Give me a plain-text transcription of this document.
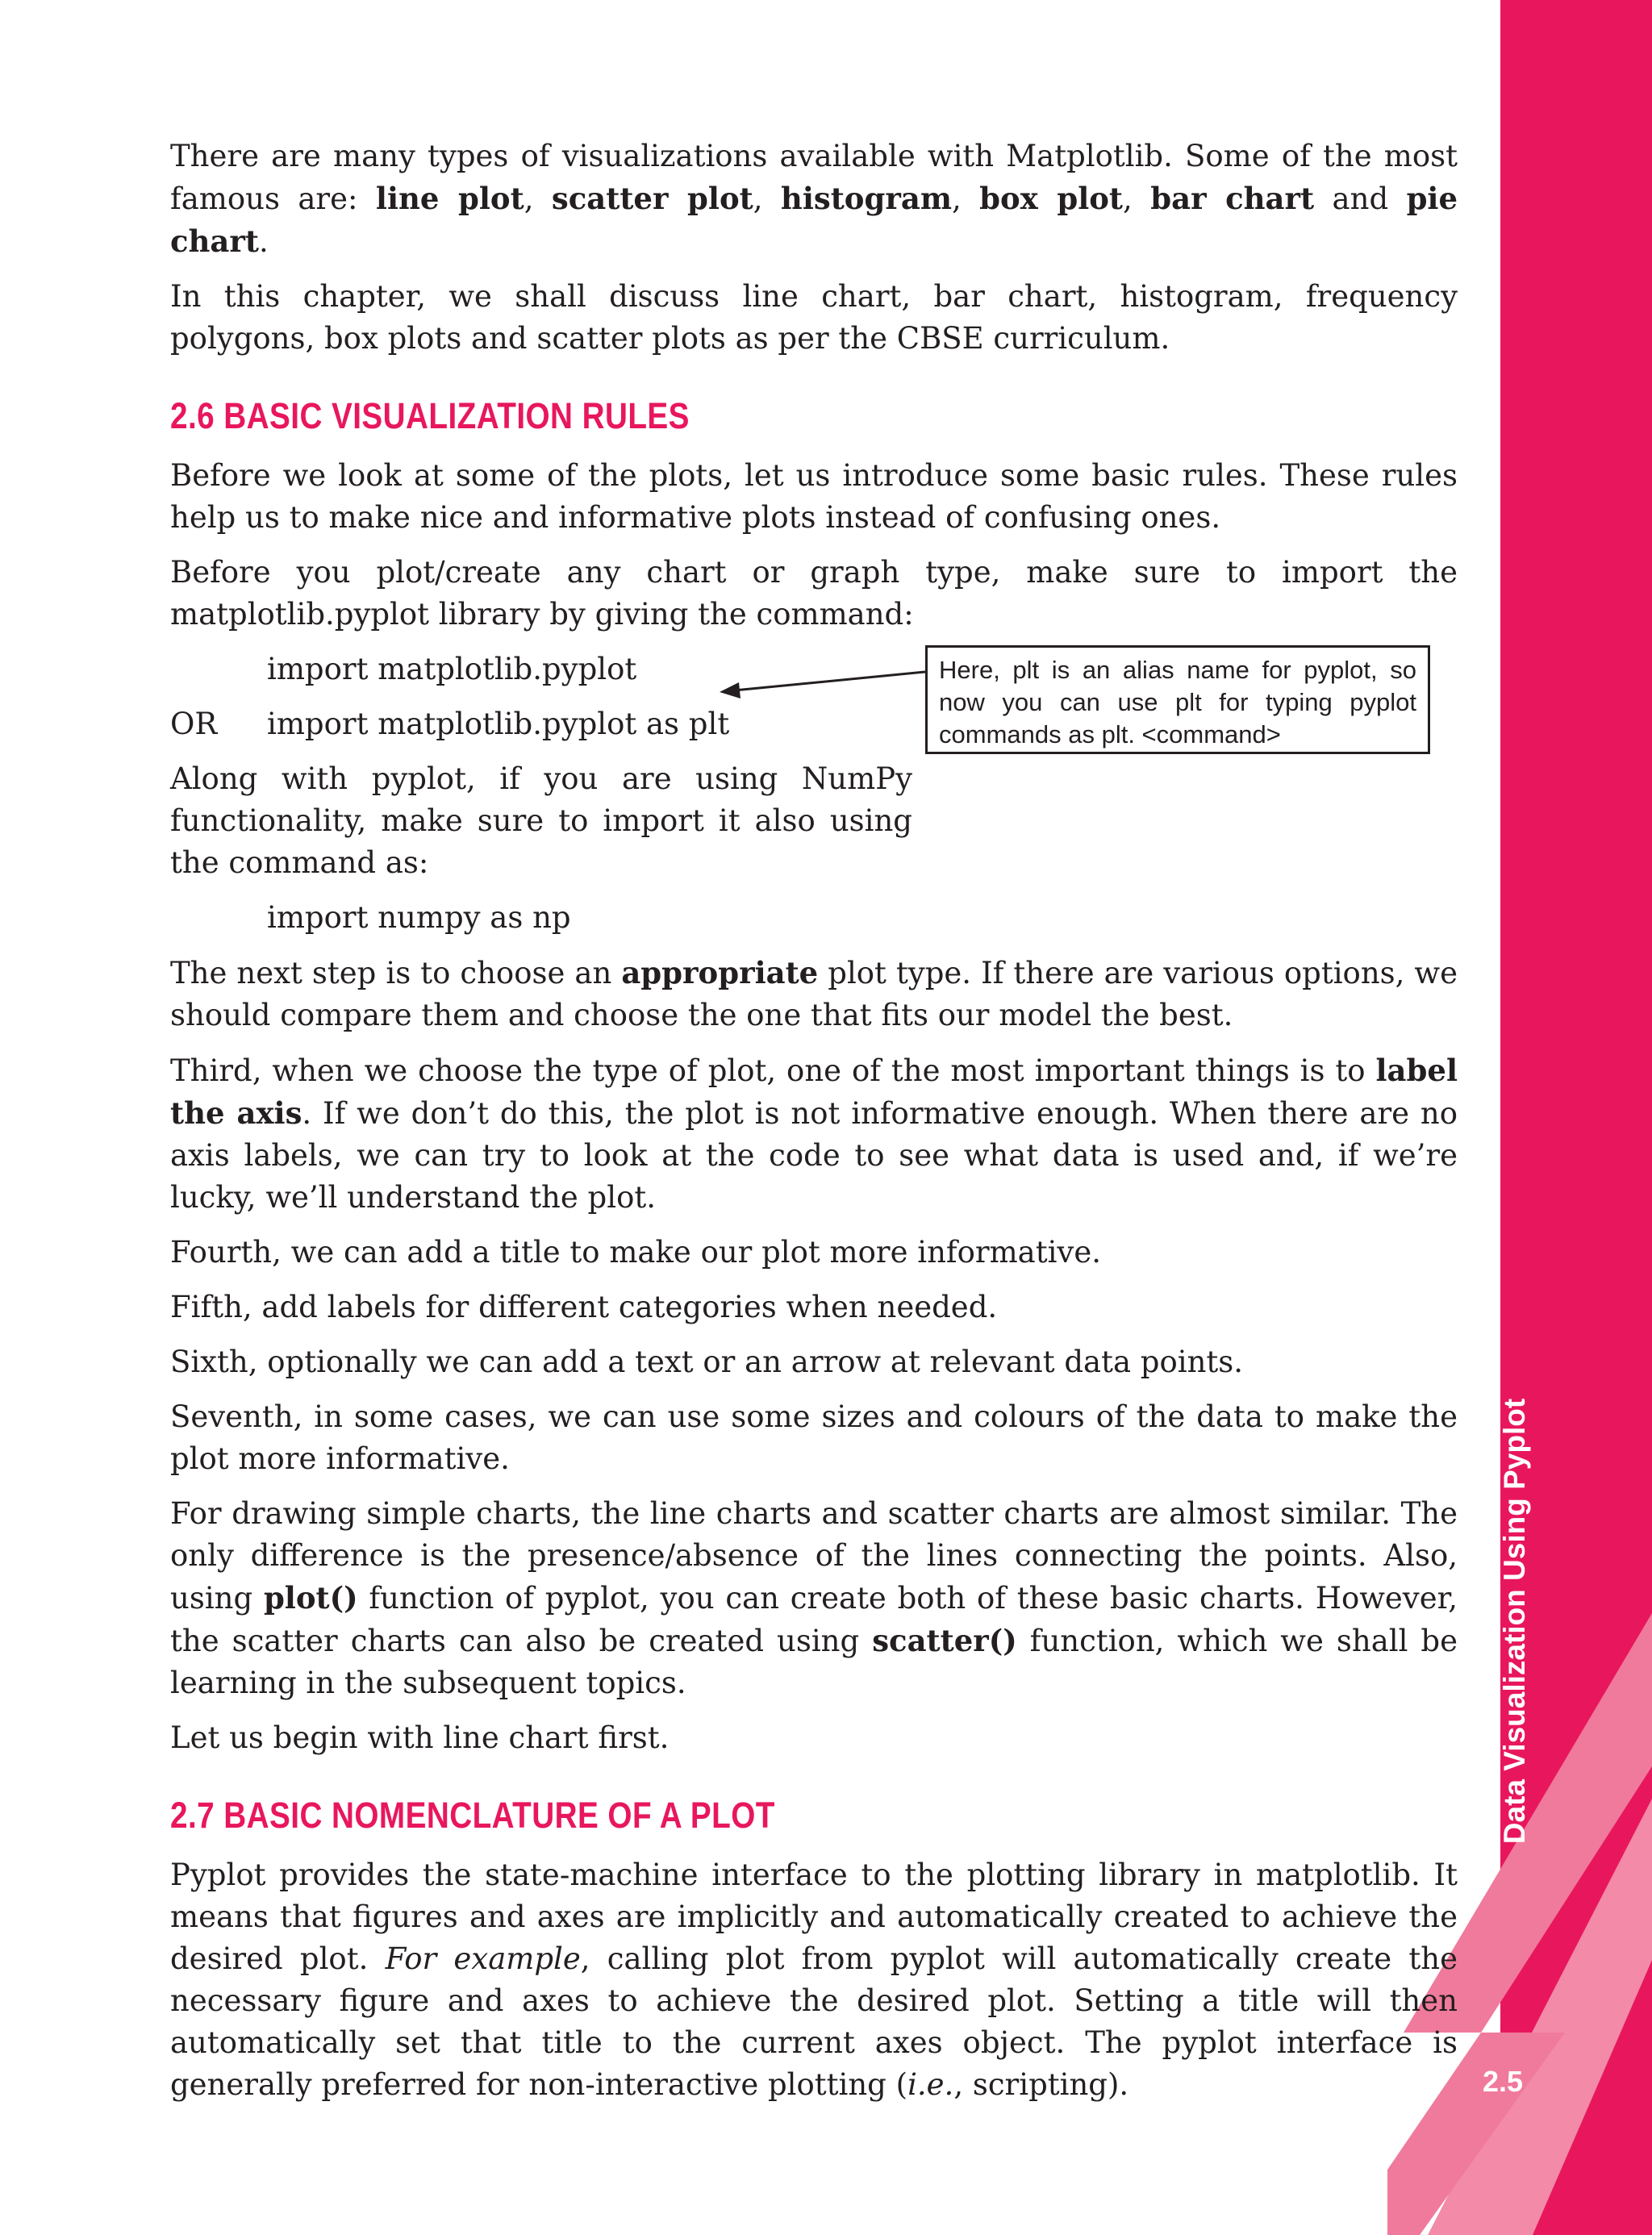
Data Visualization Using Pyplot
2.5
Here, plt is an alias name for pyplot, so now you can use plt for typing pyplot commands as plt. <command>

There are many types of visualizations available with Matplotlib. Some of the most famous are: line plot, scatter plot, histogram, box plot, bar chart and pie chart.

In this chapter, we shall discuss line chart, bar chart, histogram, frequency polygons, box plots and scatter plots as per the CBSE curriculum.

2.6 BASIC VISUALIZATION RULES

Before we look at some of the plots, let us introduce some basic rules. These rules help us to make nice and informative plots instead of confusing ones.

Before you plot/create any chart or graph type, make sure to import the matplotlib.pyplot library by giving the command:

import matplotlib.pyplot

OR import matplotlib.pyplot as plt

Along with pyplot, if you are using NumPy functionality, make sure to import it also using the command as:

import numpy as np

The next step is to choose an appropriate plot type. If there are various options, we should compare them and choose the one that fits our model the best.

Third, when we choose the type of plot, one of the most important things is to label the axis. If we don’t do this, the plot is not informative enough. When there are no axis labels, we can try to look at the code to see what data is used and, if we’re lucky, we’ll understand the plot.

Fourth, we can add a title to make our plot more informative.

Fifth, add labels for different categories when needed.

Sixth, optionally we can add a text or an arrow at relevant data points.

Seventh, in some cases, we can use some sizes and colours of the data to make the plot more informative.

For drawing simple charts, the line charts and scatter charts are almost similar. The only difference is the presence/absence of the lines connecting the points. Also, using plot() function of pyplot, you can create both of these basic charts. However, the scatter charts can also be created using scatter() function, which we shall be learning in the subsequent topics.

Let us begin with line chart first.

2.7 BASIC NOMENCLATURE OF A PLOT

Pyplot provides the state-machine interface to the plotting library in matplotlib. It means that figures and axes are implicitly and automatically created to achieve the desired plot. For example, calling plot from pyplot will automatically create the necessary figure and axes to achieve the desired plot. Setting a title will then automatically set that title to the current axes object. The pyplot interface is generally preferred for non-interactive plotting (i.e., scripting).
